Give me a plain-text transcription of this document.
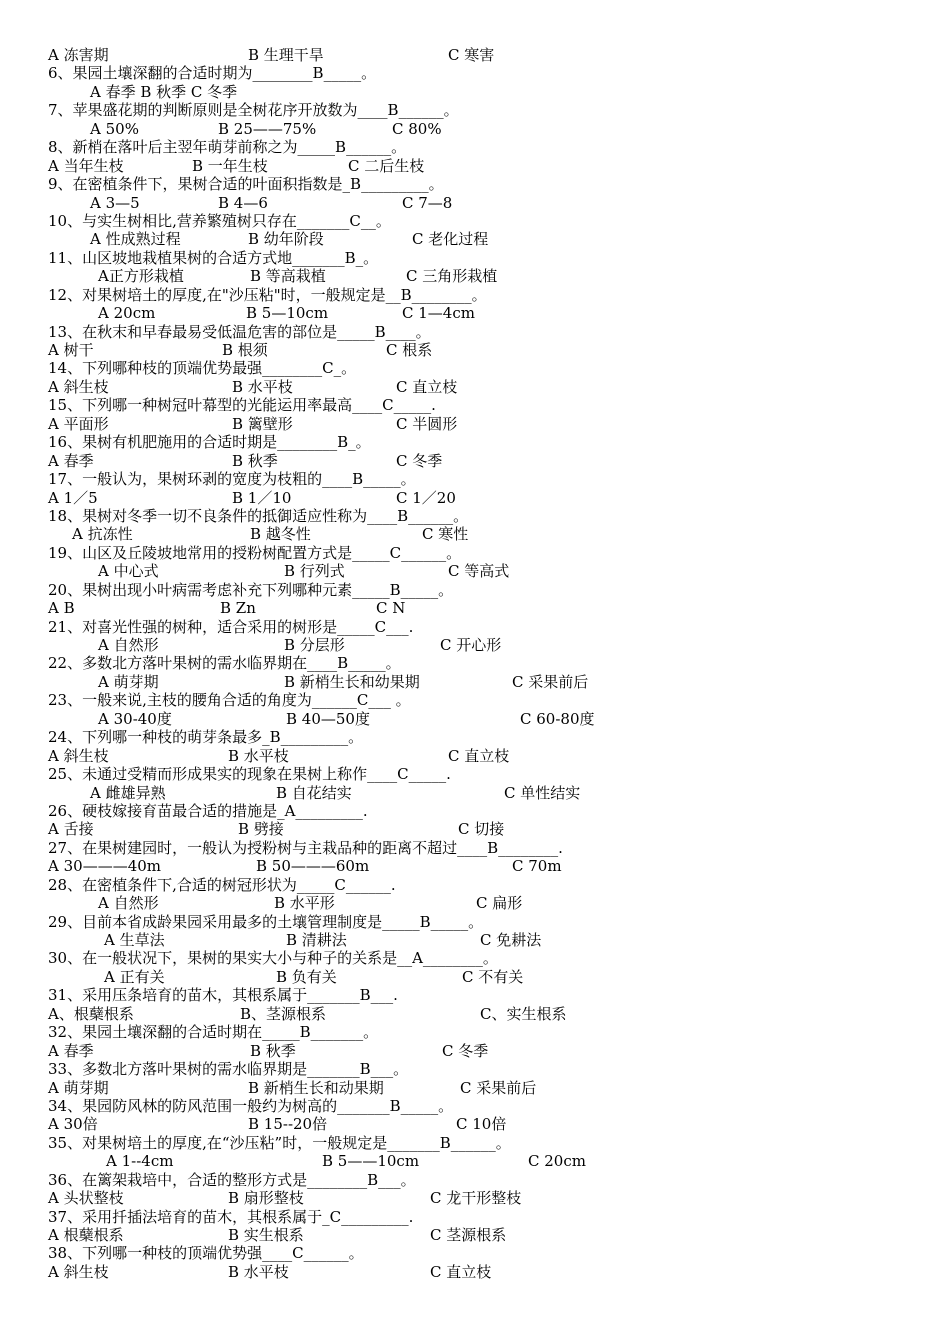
A 冻害期	B 生理干旱	C 寒害
6、果园土壤深翻的合适时期为________B_____。
A 春季 B 秋季 C 冬季
7、苹果盛花期的判断原则是全树花序开放数为____B______。
A 50%	B 25——75%	C 80%
8、新梢在落叶后主翌年萌芽前称之为_____B______。
A 当年生枝	B 一年生枝	C 二后生枝
9、在密植条件下，果树合适的叶面积指数是_B_________。
A 3—5	B 4—6	C 7—8
10、与实生树相比,营养繁殖树只存在_______C__。
A 性成熟过程	B 幼年阶段	C 老化过程
11、山区坡地栽植果树的合适方式地_______B_。
A正方形栽植	B 等高栽植	C 三角形栽植
12、对果树培土的厚度,在"沙压粘"时，一般规定是__B________。
A 20cm	B 5—10cm	C 1—4cm
13、在秋末和早春最易受低温危害的部位是_____B____。
A 树干	B 根须	C 根系
14、下列哪种枝的顶端优势最强________C_。
A 斜生枝	B 水平枝	C 直立枝
15、下列哪一种树冠叶幕型的光能运用率最高____C_____.
A 平面形	B 篱壁形	C 半圆形
16、果树有机肥施用的合适时期是________B_。
A 春季	B 秋季	C 冬季
17、一般认为，果树环剥的宽度为枝粗的____B_____。
A 1／5	B 1／10	C 1／20
18、果树对冬季一切不良条件的抵御适应性称为____B______。
A 抗冻性	B 越冬性	C 寒性
19、山区及丘陵坡地常用的授粉树配置方式是_____C______。
A 中心式	B 行列式	C 等高式
20、果树出现小叶病需考虑补充下列哪种元素_____B_____。
A B	B Zn	C N
21、对喜光性强的树种，适合采用的树形是_____C___.
A 自然形	B 分层形	C 开心形
22、多数北方落叶果树的需水临界期在____B_____。
A 萌芽期	B 新梢生长和幼果期	C 采果前后
23、一般来说,主枝的腰角合适的角度为______C___ 。
A 30-40度	B 40—50度	C 60-80度
24、下列哪一种枝的萌芽条最多_B_________。
A 斜生枝	B 水平枝	C 直立枝
25、未通过受精而形成果实的现象在果树上称作____C_____.
A 雌雄异熟	B 自花结实	C 单性结实
26、硬枝嫁接育苗最合适的措施是_A_________.
A 舌接	B 劈接	C 切接
27、在果树建园时，一般认为授粉树与主栽品种的距离不超过____B________.
A 30———40m	B 50———60m	C 70m
28、在密植条件下,合适的树冠形状为_____C______.
A 自然形	B 水平形	C 扁形
29、目前本省成龄果园采用最多的土壤管理制度是_____B_____。
A 生草法	B 清耕法	C 免耕法
30、在一般状况下，果树的果实大小与种子的关系是__A________。
A 正有关	B 负有关	C 不有关
31、采用压条培育的苗木，其根系属于_______B___.
A、根蘖根系	B、茎源根系	C、实生根系
32、果园土壤深翻的合适时期在_____B_______。
A 春季	B 秋季	C 冬季
33、多数北方落叶果树的需水临界期是_______B___。
A 萌芽期	B 新梢生长和动果期	C 采果前后
34、果园防风林的防风范围一般约为树高的_______B_____。
A 30倍	B 15--20倍	C 10倍
35、对果树培土的厚度,在“沙压粘”时，一般规定是_______B______。
A 1--4cm	B 5——10cm	C 20cm
36、在篱架栽培中，合适的整形方式是________B___。
A 头状整枝	B 扇形整枝	C 龙干形整枝
37、采用扦插法培育的苗木，其根系属于_C_________.
A 根蘖根系	B 实生根系	C 茎源根系
38、下列哪一种枝的顶端优势强____C______。
A 斜生枝	B 水平枝	C 直立枝
